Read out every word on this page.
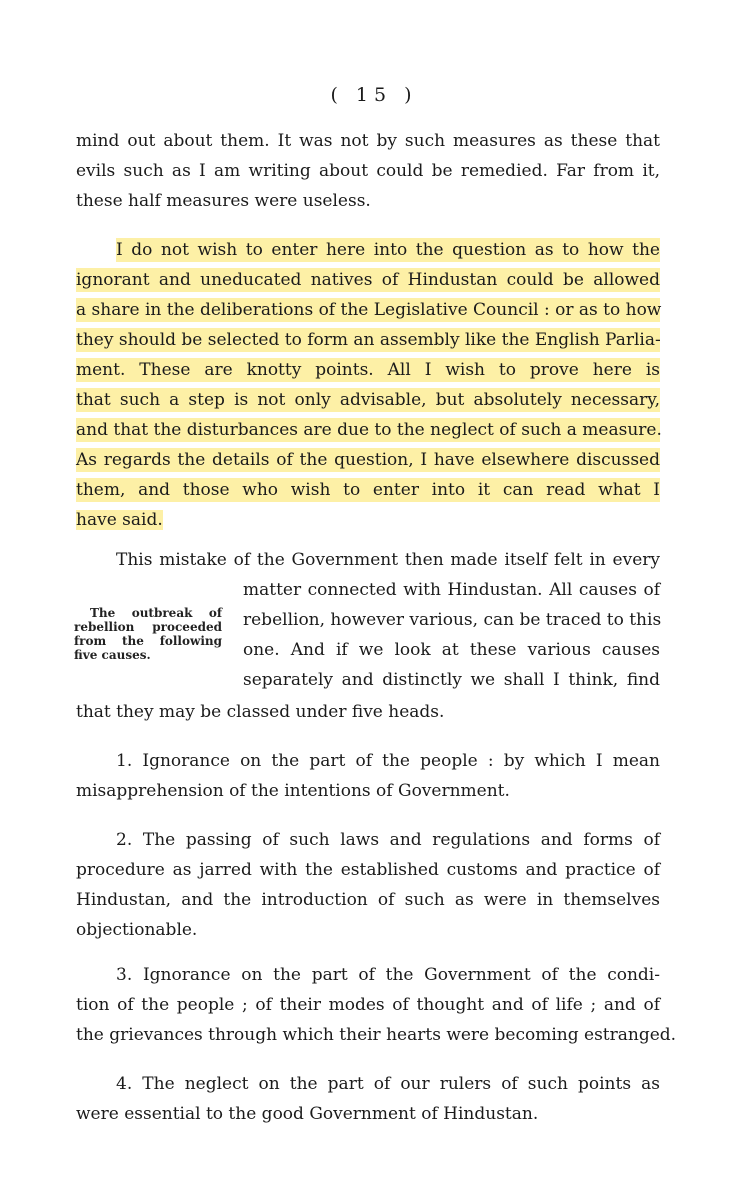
( 15 )
mind out about them. It was not by such measures as these that
evils such as I am writing about could be remedied. Far from it,
these half measures were useless.
I do not wish to enter here into the question as to how the
ignorant and uneducated natives of Hindustan could be allowed
a share in the deliberations of the Legislative Council : or as to how
they should be selected to form an assembly like the English Parlia-
ment. These are knotty points. All I wish to prove here is
that such a step is not only advisable, but absolutely necessary,
and that the disturbances are due to the neglect of such a measure.
As regards the details of the question, I have elsewhere discussed
them, and those who wish to enter into it can read what I
have said.
This mistake of the Government then made itself felt in every
matter connected with Hindustan. All causes of
rebellion, however various, can be traced to this
one. And if we look at these various causes
separately and distinctly we shall I think, find
that they may be classed under five heads.
The outbreak of
rebellion proceeded
from the following
five causes.
1. Ignorance on the part of the people : by which I mean
misapprehension of the intentions of Government.
2. The passing of such laws and regulations and forms of
procedure as jarred with the established customs and practice of
Hindustan, and the introduction of such as were in themselves
objectionable.
3. Ignorance on the part of the Government of the condi-
tion of the people ; of their modes of thought and of life ; and of
the grievances through which their hearts were becoming estranged.
4. The neglect on the part of our rulers of such points as
were essential to the good Government of Hindustan.
